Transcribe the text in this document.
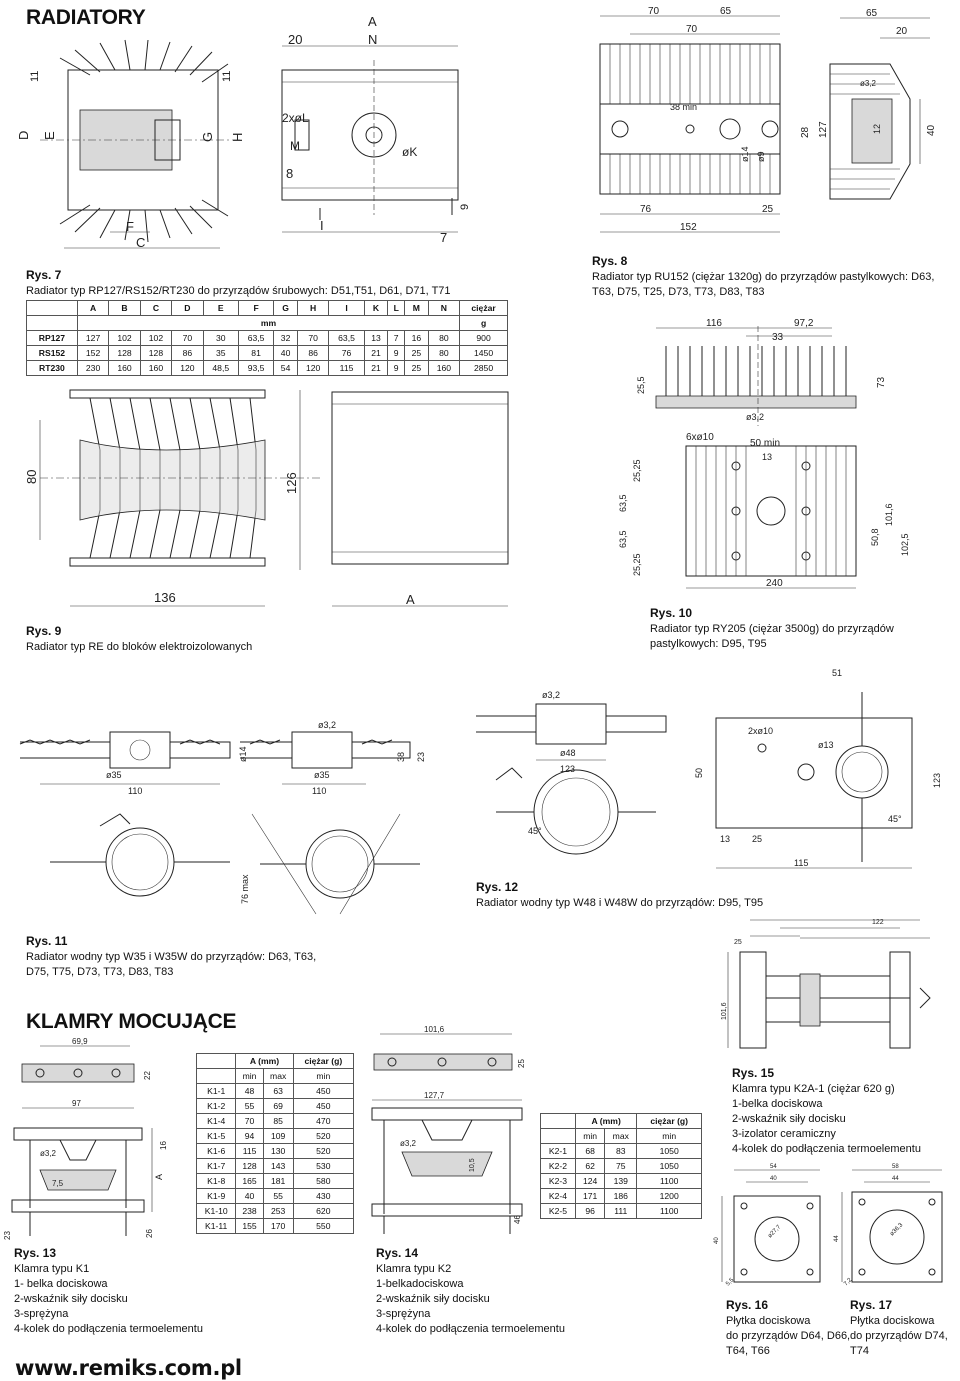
RADIATORY
KLAMRY MOCUJĄCE
www.remiks.com.pl
D E	G H
11	11
F
C
A
N
20
2xøL
M	øK
8
I
7
9
Rys. 7
Radiator typ RP127/RS152/RT230 do przyrządów śrubowych: D51,T51, D61, D71, T71
	A	B	C	D	E	F	G	H	I	K	L	M	N	ciężar
	mm													g
RP127	127	102	102	70	30	63,5	32	70	63,5	13	7	16	80	900
RS152	152	128	128	86	35	81	40	86	76	21	9	25	80	1450
RT230	230	160	160	120	48,5	93,5	54	120	115	21	9	25	160	2850
70	65
70
65
20
38 min
ø14 ø9
28 127	12	40
76	25
152
ø3,2
Rys. 8
Radiator typ RU152 (ciężar 1320g) do przyrządów pastylkowych: D63, T63, D75, T25, D73, T73, D83, T83
80	126
136	A
Rys. 9
Radiator typ RE do bloków elektroizolowanych
116	97,2
33
25,5	73
ø3,2
6xø10
50 min
13
25,25
63,5
25,25
63,5
101,6
50,8 102,5
240
Rys. 10
Radiator typ RY205 (ciężar 3500g) do przyrządów pastylkowych: D95, T95
ø3,2
ø14
ø35	ø35
110	110
38 23
76 max
Rys. 11
Radiator wodny typ W35 i W35W do przyrządów: D63, T63, D75, T75, D73, T73, D83, T83
ø3,2
ø48
123
51
2xø10
ø13
50	123
13 25
45°
45°
115
Rys. 12
Radiator wodny typ W48 i W48W do przyrządów: D95, T95
25
122
101,6
Rys. 15
Klamra typu K2A-1 (ciężar 620 g)
1-belka dociskowa
2-wskaźnik siły docisku
3-izolator ceramiczny
4-kolek do podłączenia termoelementu
69,9
22
97
16
ø3,2
7,5
A
23	26
	A (mm)		ciężar (g)
	min	max	min
K1-1	48	63	450
K1-2	55	69	450
K1-4	70	85	470
K1-5	94	109	520
K1-6	115	130	520
K1-7	128	143	530
K1-8	165	181	580
K1-9	40	55	430
K1-10	238	253	620
K1-11	155	170	550
Rys. 13
Klamra typu K1
1- belka dociskowa
2-wskaźnik siły docisku
3-sprężyna
4-kolek do podłączenia termoelementu
101,6
25
127,7
ø3,2
10,5
46
	A (mm)		ciężar (g)
	min	max	min
K2-1	68	83	1050
K2-2	62	75	1050
K2-3	124	139	1100
K2-4	171	186	1200
K2-5	96	111	1100
Rys. 14
Klamra typu K2
1-belkadociskowa
2-wskaźnik siły docisku
3-sprężyna
4-kolek do podłączenia termoelementu
54
40
40
ø27,7
5,5
Rys. 16
Płytka dociskowa
do przyrządów D64, D66,
T64, T66
58
44
44
ø36,3
7,2
Rys. 17
Płytka dociskowa
do przyrządów D74, T74
